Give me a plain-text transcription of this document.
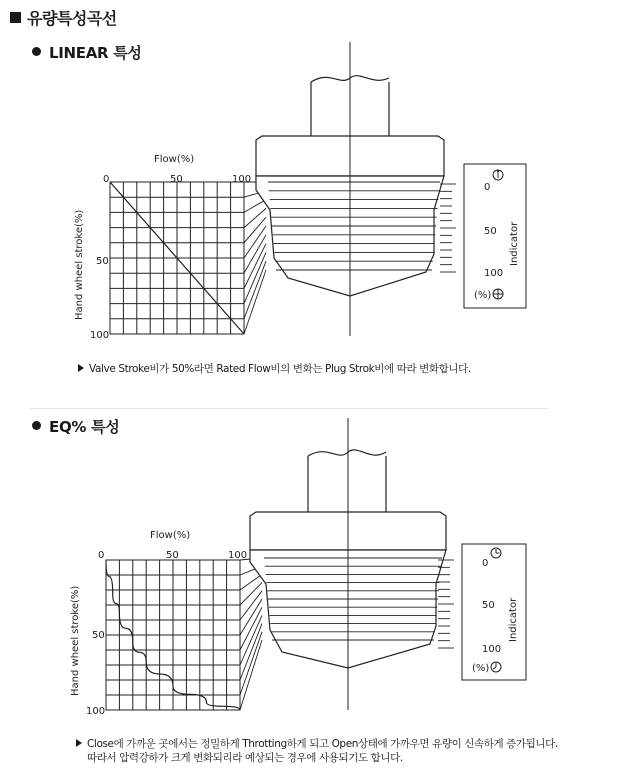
유량특성곡선
LINEAR 특성
Flow(%)
0	50	100
50
100
Hand wheel stroke(%)
0
50
100
(%)
Indicator
Valve Stroke비가 50%라면 Rated Flow비의 변화는 Plug Strok비에 따라 변화합니다.
EQ% 특성
Flow(%)
0	50	100
50
100
Hand wheel stroke(%)
0
50
100
(%)
Indicator
Close에 가까운 곳에서는 정밀하게 Throtting하게 되고 Open상태에 가까우면 유량이 신속하게 증가됩니다.
따라서 압력강하가 크게 변화되리라 예상되는 경우에 사용되기도 합니다.
